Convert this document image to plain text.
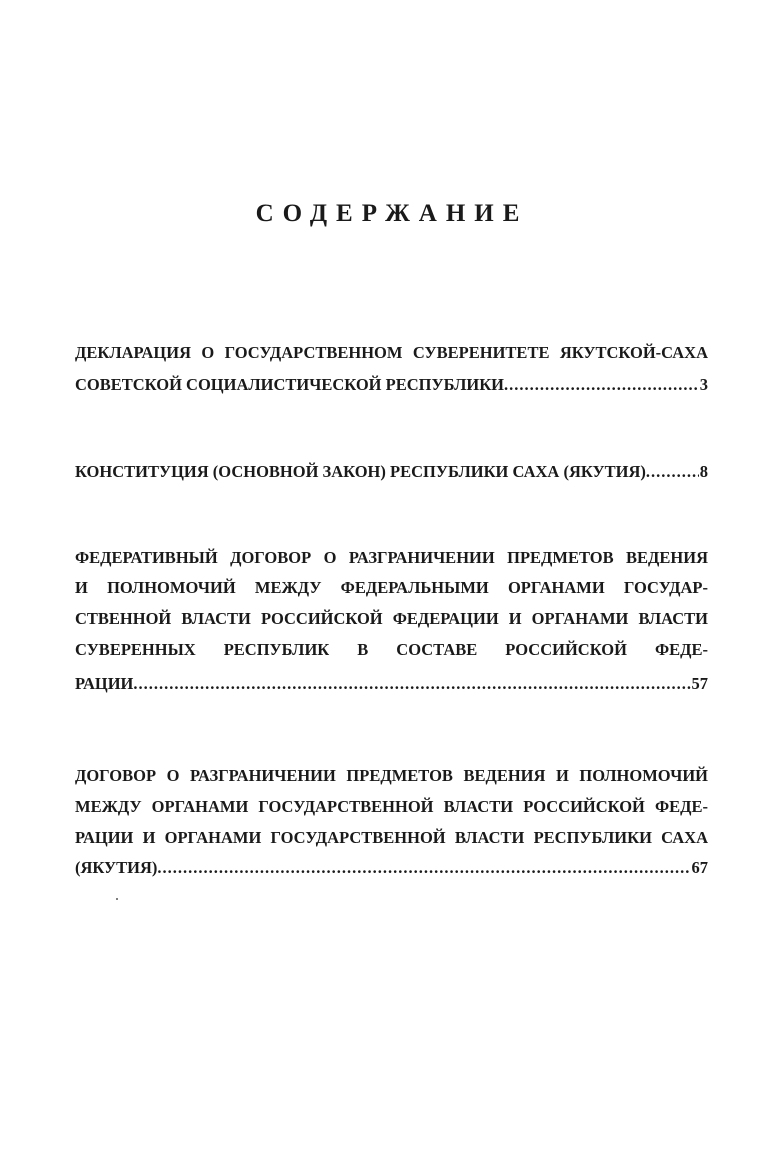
СОДЕРЖАНИЕ
ДЕКЛАРАЦИЯ О ГОСУДАРСТВЕННОМ СУВЕРЕНИТЕТЕ ЯКУТСКОЙ-САХА
СОВЕТСКОЙ СОЦИАЛИСТИЧЕСКОЙ РЕСПУБЛИКИ .....	3
КОНСТИТУЦИЯ (ОСНОВНОЙ ЗАКОН) РЕСПУБЛИКИ САХА (ЯКУТИЯ) .....	8
ФЕДЕРАТИВНЫЙ ДОГОВОР О РАЗГРАНИЧЕНИИ ПРЕДМЕТОВ ВЕДЕНИЯ
И ПОЛНОМОЧИЙ МЕЖДУ ФЕДЕРАЛЬНЫМИ ОРГАНАМИ ГОСУДАР-
СТВЕННОЙ ВЛАСТИ РОССИЙСКОЙ ФЕДЕРАЦИИ И ОРГАНАМИ ВЛАСТИ
СУВЕРЕННЫХ РЕСПУБЛИК В СОСТАВЕ РОССИЙСКОЙ ФЕДЕ-
РАЦИИ .....	57
ДОГОВОР О РАЗГРАНИЧЕНИИ ПРЕДМЕТОВ ВЕДЕНИЯ И ПОЛНОМОЧИЙ
МЕЖДУ ОРГАНАМИ ГОСУДАРСТВЕННОЙ ВЛАСТИ РОССИЙСКОЙ ФЕДЕ-
РАЦИИ И ОРГАНАМИ ГОСУДАРСТВЕННОЙ ВЛАСТИ РЕСПУБЛИКИ САХА
(ЯКУТИЯ) .....	67
